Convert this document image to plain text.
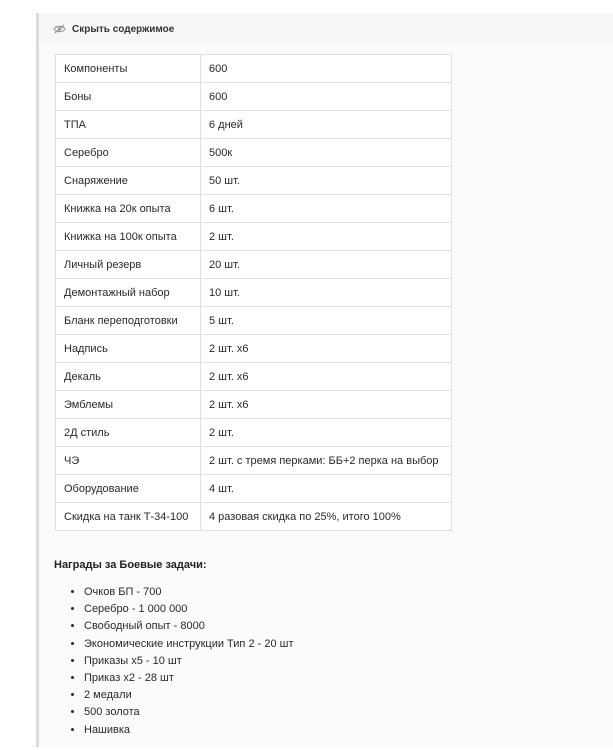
Скрыть содержимое
Компоненты	600
Боны	600
ТПА	6 дней
Серебро	500к
Снаряжение	50 шт.
Книжка на 20к опыта	6 шт.
Книжка на 100к опыта	2 шт.
Личный резерв	20 шт.
Демонтажный набор	10 шт.
Бланк переподготовки	5 шт.
Надпись	2 шт. х6
Декаль	2 шт. х6
Эмблемы	2 шт. х6
2Д стиль	2 шт.
ЧЭ	2 шт. с тремя перками: ББ+2 перка на выбор
Оборудование	4 шт.
Скидка на танк Т-34-100	4 разовая скидка по 25%, итого 100%
Награды за Боевые задачи:
• Очков БП - 700
• Серебро - 1 000 000
• Свободный опыт - 8000
• Экономические инструкции Тип 2 - 20 шт
• Приказы х5 - 10 шт
• Приказ х2 - 28 шт
• 2 медали
• 500 золота
• Нашивка
